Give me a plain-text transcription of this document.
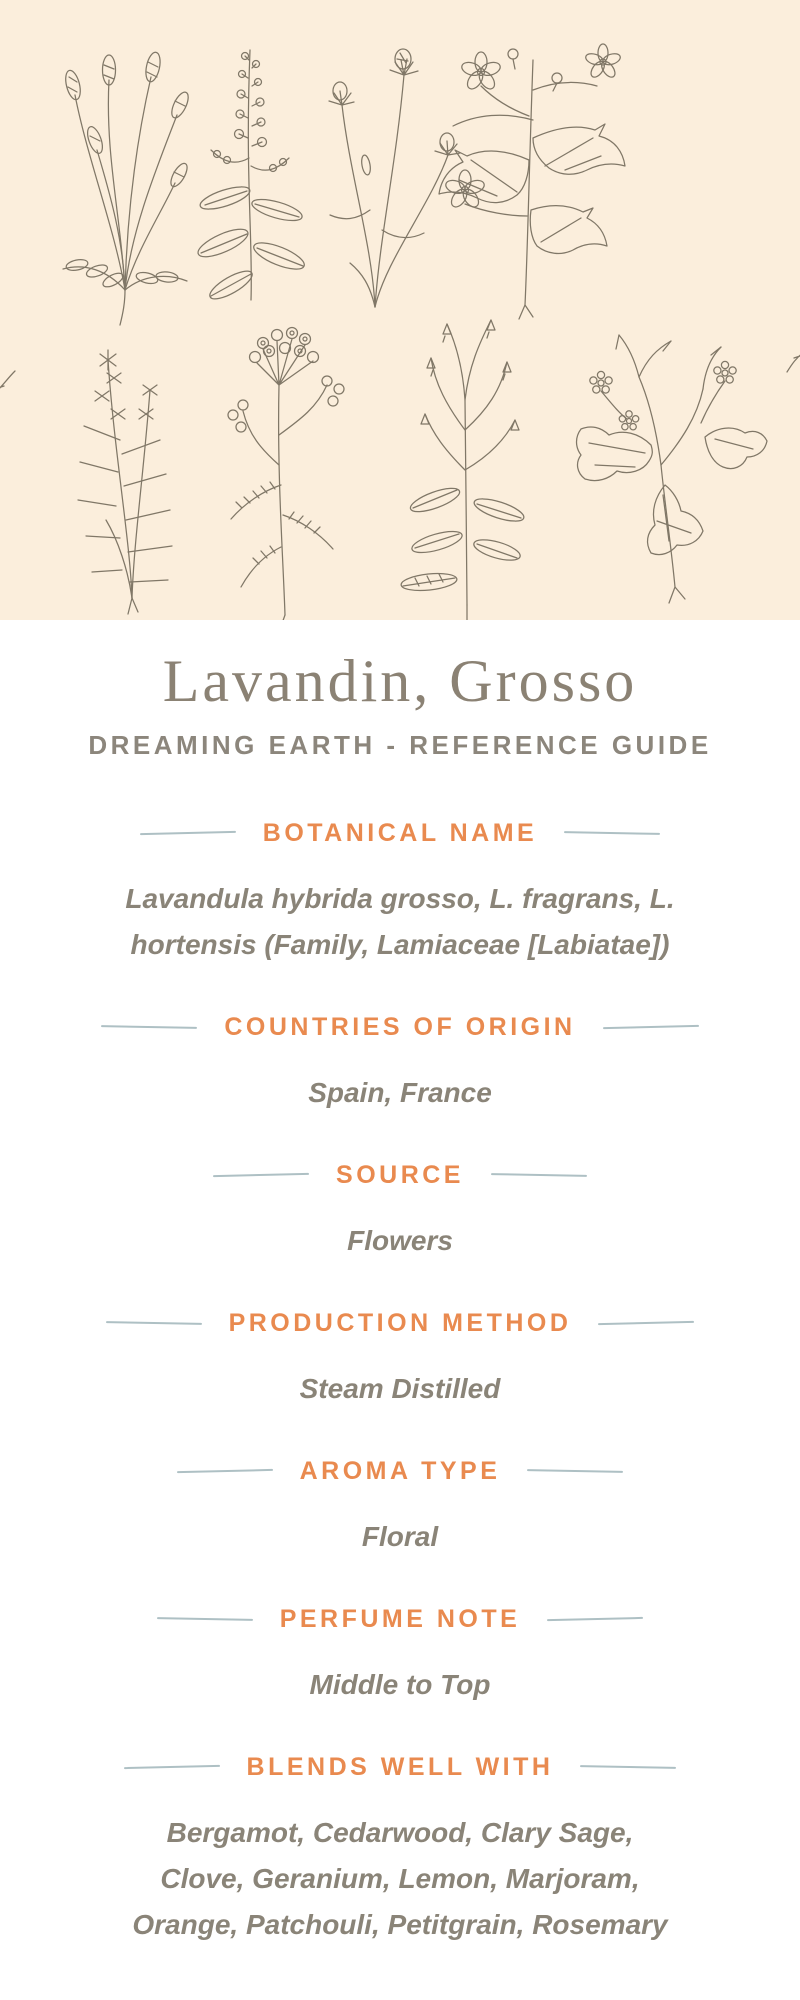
Lavandin, Grosso
DREAMING EARTH - REFERENCE GUIDE
BOTANICAL NAME
Lavandula hybrida grosso, L. fragrans, L.
hortensis (Family, Lamiaceae [Labiatae])
COUNTRIES OF ORIGIN
Spain, France
SOURCE
Flowers
PRODUCTION METHOD
Steam Distilled
AROMA TYPE
Floral
PERFUME NOTE
Middle to Top
BLENDS WELL WITH
Bergamot, Cedarwood, Clary Sage,
Clove, Geranium, Lemon, Marjoram,
Orange, Patchouli, Petitgrain, Rosemary
